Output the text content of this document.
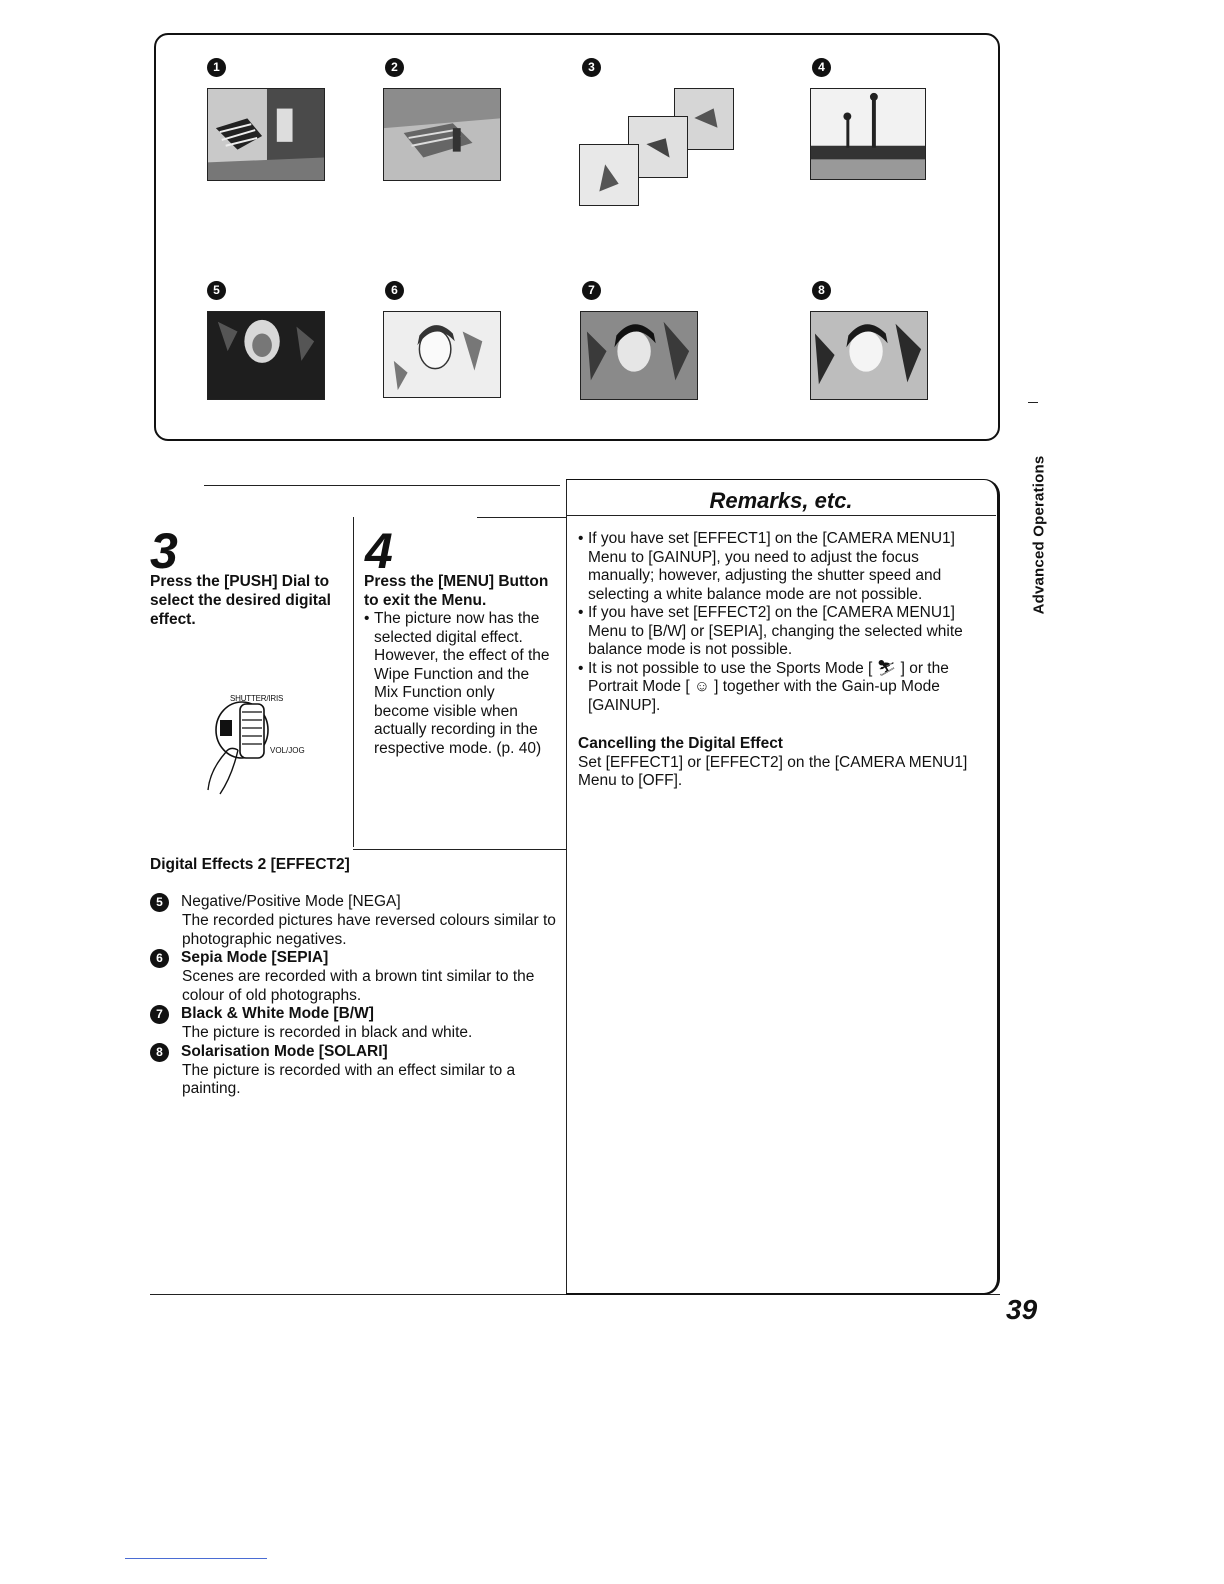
1	2	3	4
5	6	7	8
Advanced Operations
3
Press the [PUSH] Dial to select the desired digital effect.
SHUTTER/IRIS
VOL/JOG
4
Press the [MENU] Button to exit the Menu.
• The picture now has the selected digital effect. However, the effect of the Wipe Function and the Mix Function only become visible when actually recording in the respective mode. (p. 40)
Digital Effects 2 [EFFECT2]
5	Negative/Positive Mode [NEGA]
The recorded pictures have reversed colours similar to photographic negatives.
6	Sepia Mode [SEPIA]
Scenes are recorded with a brown tint similar to the colour of old photographs.
7	Black & White Mode [B/W]
The picture is recorded in black and white.
8	Solarisation Mode [SOLARI]
The picture is recorded with an effect similar to a painting.
Remarks, etc.
• If you have set [EFFECT1] on the [CAMERA MENU1] Menu to [GAINUP], you need to adjust the focus manually; however, adjusting the shutter speed and selecting a white balance mode are not possible.
• If you have set [EFFECT2] on the [CAMERA MENU1] Menu to [B/W] or [SEPIA], changing the selected white balance mode is not possible.
• It is not possible to use the Sports Mode [ ⛷ ] or the Portrait Mode [ ☺ ] together with the Gain-up Mode [GAINUP].
Cancelling the Digital Effect
Set [EFFECT1] or [EFFECT2] on the [CAMERA MENU1] Menu to [OFF].
39
